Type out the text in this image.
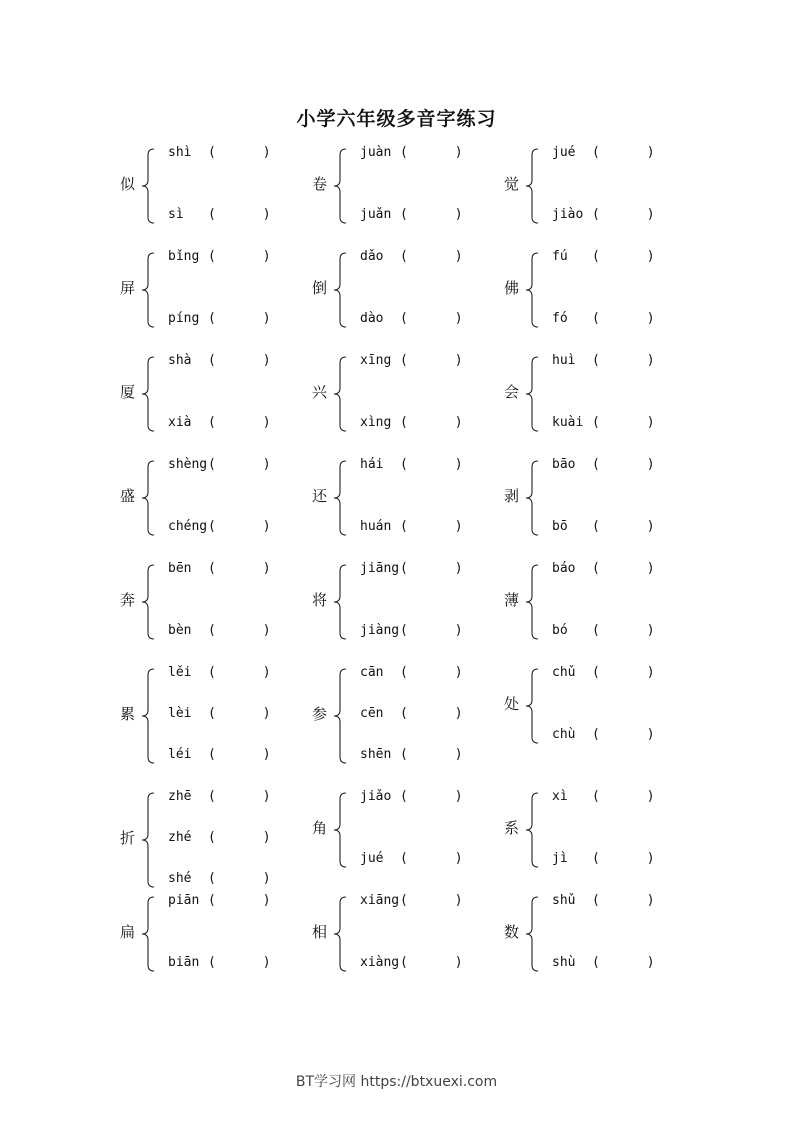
小学六年级多音字练习
似
shì (      )
sì (      )
卷
juàn (      )
juǎn (      )
觉
jué (      )
jiào (      )
屏
bǐng (      )
píng (      )
倒
dǎo (      )
dào (      )
佛
fú (      )
fó (      )
厦
shà (      )
xià (      )
兴
xīng (      )
xìng (      )
会
huì (      )
kuài (      )
盛
shèng(      )
chéng(      )
还
hái (      )
huán (      )
剥
bāo (      )
bō (      )
奔
bēn (      )
bèn (      )
将
jiāng(      )
jiàng(      )
薄
báo (      )
bó (      )
累
lěi (      )
lèi (      )
léi (      )
参
cān (      )
cēn (      )
shēn (      )
处
chǔ (      )
chù (      )
折
zhē (      )
zhé (      )
shé (      )
角
jiǎo (      )
jué (      )
系
xì (      )
jì (      )
扁
piān (      )
biān (      )
相
xiāng(      )
xiàng(      )
数
shǔ (      )
shù (      )
BT学习网 https://btxuexi.com
